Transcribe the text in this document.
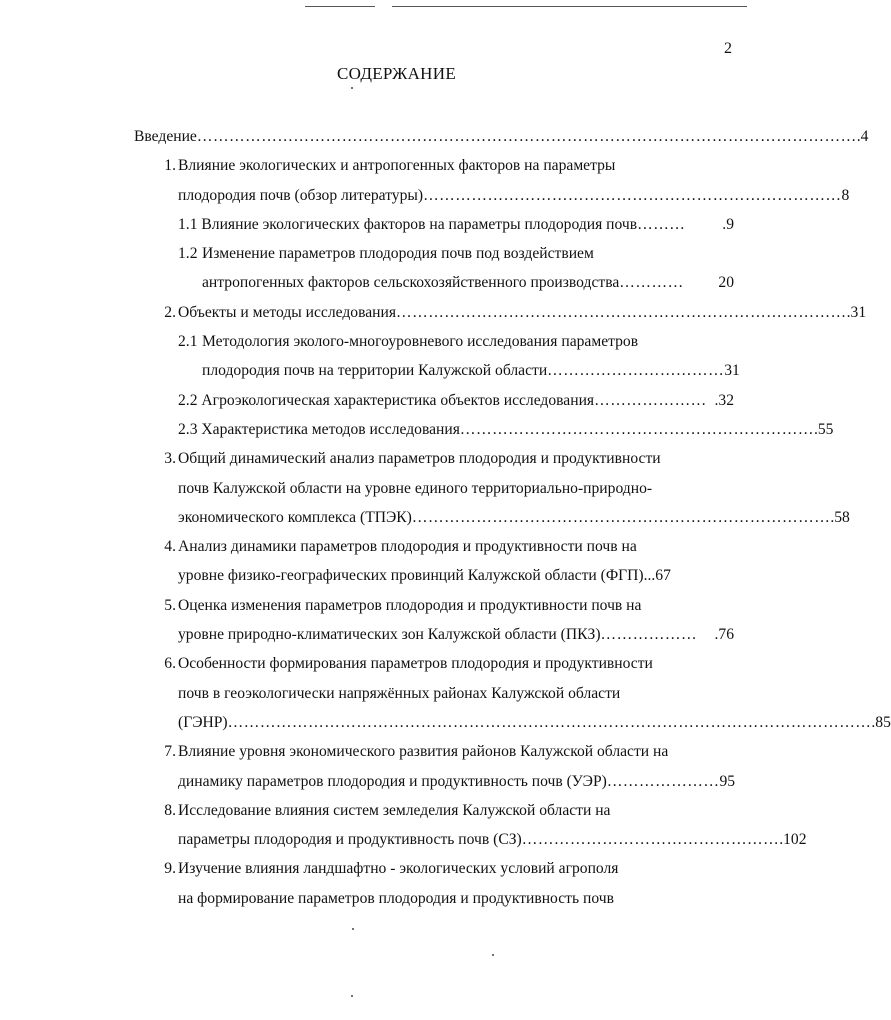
2
СОДЕРЖАНИЕ
Введение …………………………………………………………………………………………………………… .4
1. Влияние экологических и антропогенных факторов на параметры
плодородия почв (обзор литературы) …………………………………………………………………… 8
1.1 Влияние экологических факторов на параметры плодородия почв ………	.9
1.2 Изменение параметров плодородия почв под воздействием
антропогенных факторов сельскохозяйственного производства …………	20
2. Объекты и методы исследования ………………………………………………………………………… .31
2.1 Методология эколого-многоуровневого исследования параметров
плодородия почв на территории Калужской области …………………………… 31
2.2 Агроэкологическая характеристика объектов исследования ………………… .32
2.3 Характеристика методов исследования ………………………………………………………… .55
3. Общий динамический анализ параметров плодородия и продуктивности
почв Калужской области на уровне единого территориально-природно-
экономического комплекса (ТПЭК) …………………………………………………………………… .58
4. Анализ динамики параметров плодородия и продуктивности почв на
уровне физико-географических провинций Калужской области (ФГП)...67
5. Оценка изменения параметров плодородия и продуктивности почв на
уровне природно-климатических зон Калужской области (ПКЗ) ………………	.76
6. Особенности формирования параметров плодородия и продуктивности
почв в геоэкологически напряжённых районах Калужской области
(ГЭНР) ………………………………………………………………………………………………………… .85
7. Влияние уровня экономического развития районов Калужской области на
динамику параметров плодородия и продуктивность почв (УЭР) ………………… 95
8. Исследование влияния систем земледелия Калужской области на
параметры плодородия и продуктивность почв (СЗ) ………………………………………… .102
9. Изучение влияния ландшафтно - экологических условий агрополя
на формирование параметров плодородия и продуктивность почв
